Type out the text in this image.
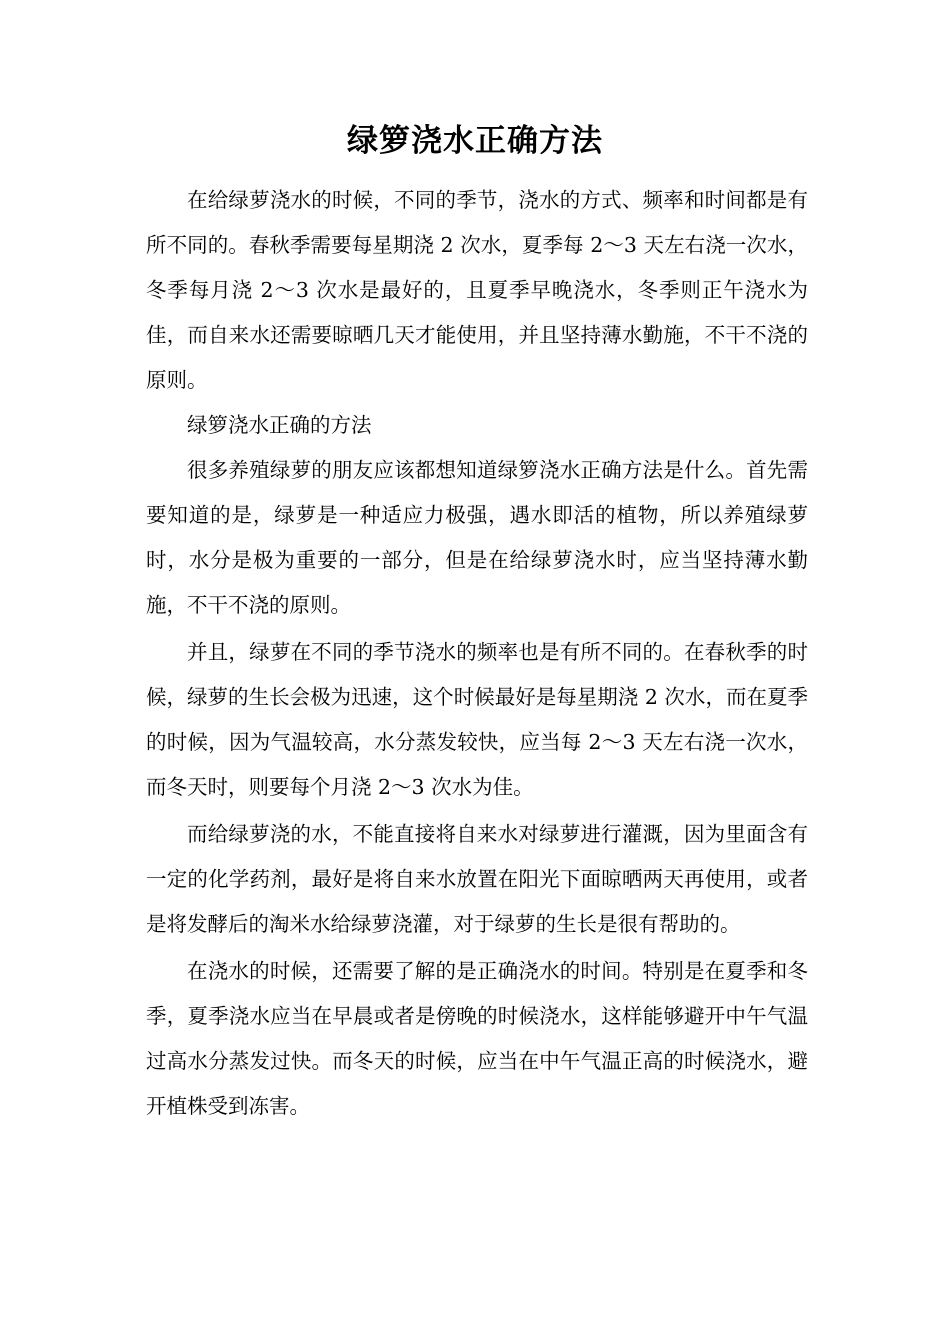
绿箩浇水正确方法

在给绿萝浇水的时候，不同的季节，浇水的方式、频率和时间都是有所不同的。春秋季需要每星期浇 2 次水，夏季每 2～3 天左右浇一次水，冬季每月浇 2～3 次水是最好的，且夏季早晚浇水，冬季则正午浇水为佳，而自来水还需要晾晒几天才能使用，并且坚持薄水勤施，不干不浇的原则。

绿箩浇水正确的方法

很多养殖绿萝的朋友应该都想知道绿箩浇水正确方法是什么。首先需要知道的是，绿萝是一种适应力极强，遇水即活的植物，所以养殖绿萝时，水分是极为重要的一部分，但是在给绿萝浇水时，应当坚持薄水勤施，不干不浇的原则。

并且，绿萝在不同的季节浇水的频率也是有所不同的。在春秋季的时候，绿萝的生长会极为迅速，这个时候最好是每星期浇 2 次水，而在夏季的时候，因为气温较高，水分蒸发较快，应当每 2～3 天左右浇一次水，而冬天时，则要每个月浇 2～3 次水为佳。

而给绿萝浇的水，不能直接将自来水对绿萝进行灌溉，因为里面含有一定的化学药剂，最好是将自来水放置在阳光下面晾晒两天再使用，或者是将发酵后的淘米水给绿萝浇灌，对于绿萝的生长是很有帮助的。

在浇水的时候，还需要了解的是正确浇水的时间。特别是在夏季和冬季，夏季浇水应当在早晨或者是傍晚的时候浇水，这样能够避开中午气温过高水分蒸发过快。而冬天的时候，应当在中午气温正高的时候浇水，避开植株受到冻害。
